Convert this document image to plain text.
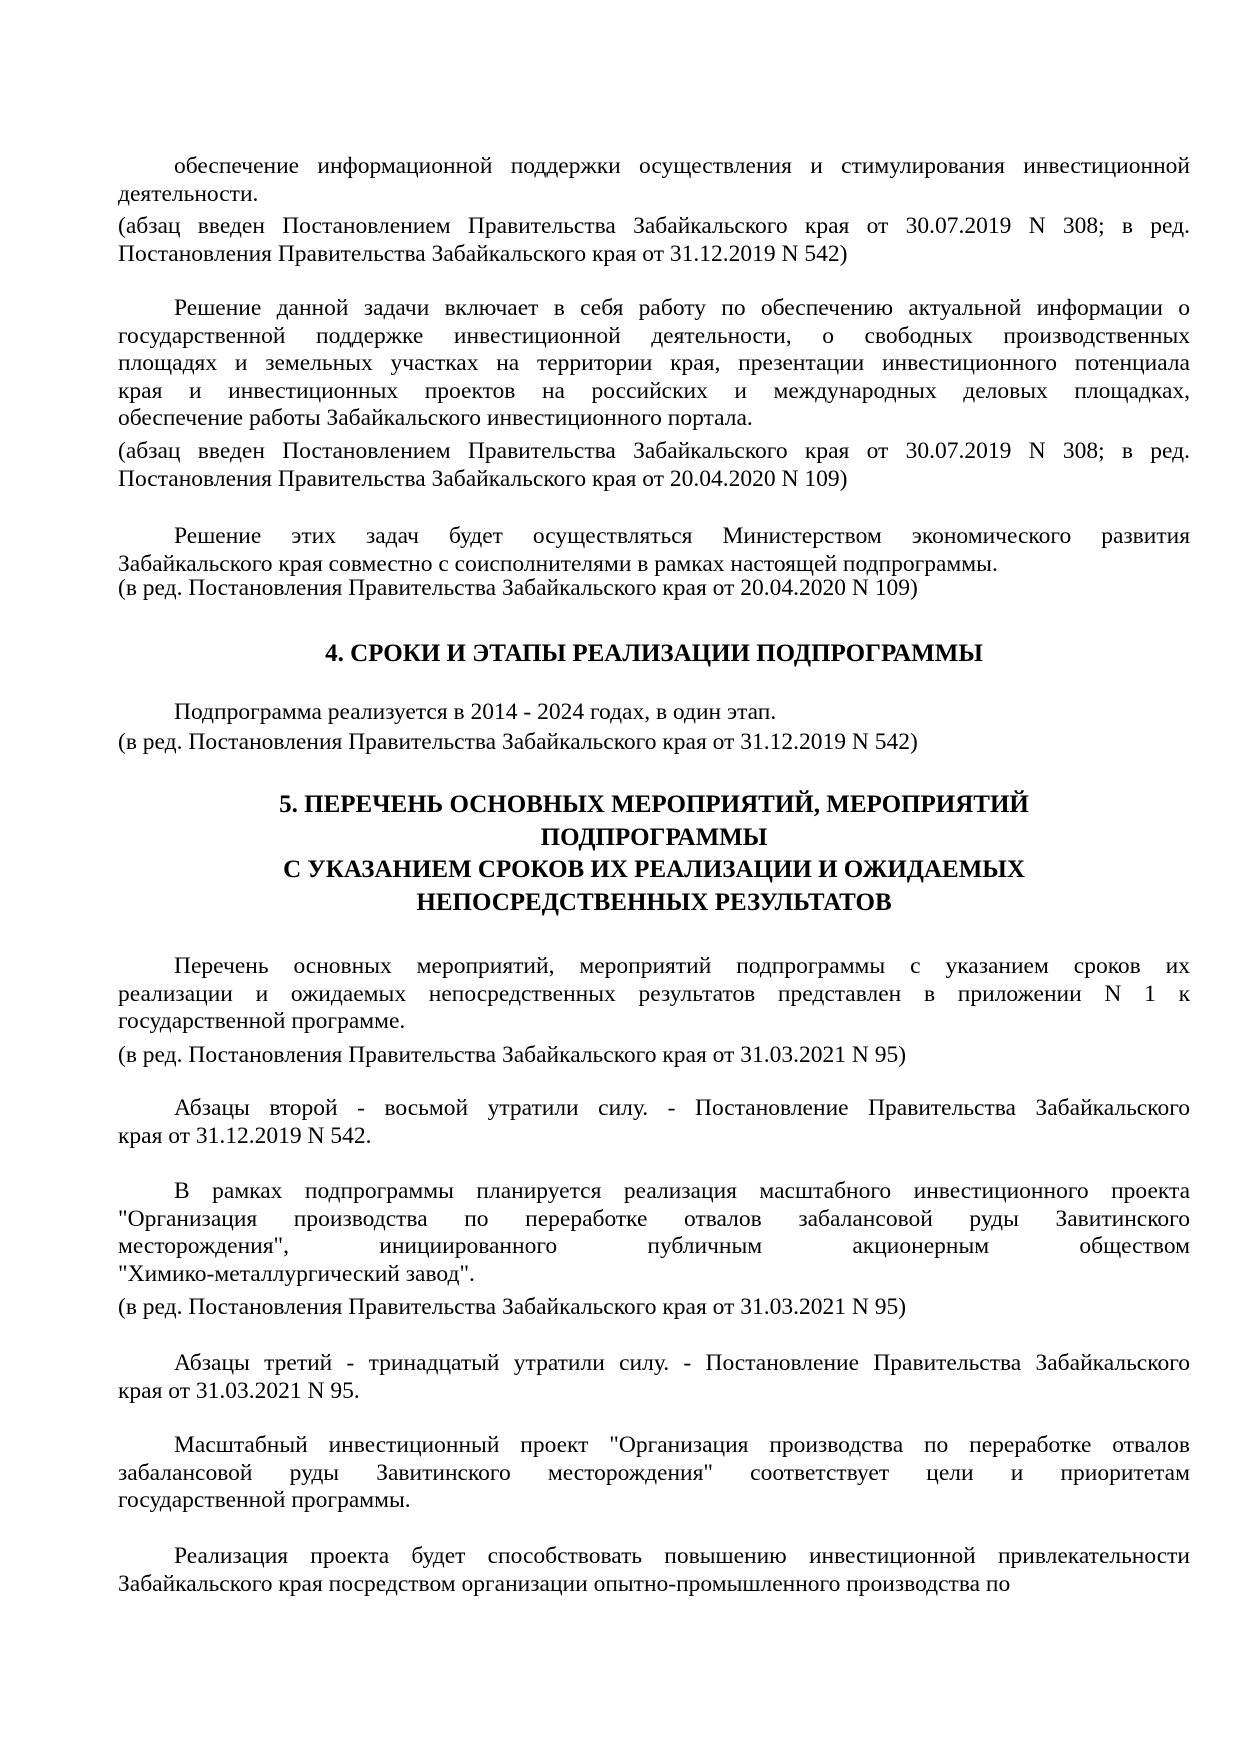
обеспечение информационной поддержки осуществления и стимулирования инвестиционной
деятельности.
(абзац введен Постановлением Правительства Забайкальского края от 30.07.2019 N 308; в ред.
Постановления Правительства Забайкальского края от 31.12.2019 N 542)
Решение данной задачи включает в себя работу по обеспечению актуальной информации о
государственной поддержке инвестиционной деятельности, о свободных производственных
площадях и земельных участках на территории края, презентации инвестиционного потенциала
края и инвестиционных проектов на российских и международных деловых площадках,
обеспечение работы Забайкальского инвестиционного портала.
(абзац введен Постановлением Правительства Забайкальского края от 30.07.2019 N 308; в ред.
Постановления Правительства Забайкальского края от 20.04.2020 N 109)
Решение этих задач будет осуществляться Министерством экономического развития
Забайкальского края совместно с соисполнителями в рамках настоящей подпрограммы.
(в ред. Постановления Правительства Забайкальского края от 20.04.2020 N 109)
4. СРОКИ И ЭТАПЫ РЕАЛИЗАЦИИ ПОДПРОГРАММЫ
Подпрограмма реализуется в 2014 - 2024 годах, в один этап.
(в ред. Постановления Правительства Забайкальского края от 31.12.2019 N 542)
5. ПЕРЕЧЕНЬ ОСНОВНЫХ МЕРОПРИЯТИЙ, МЕРОПРИЯТИЙ
ПОДПРОГРАММЫ
С УКАЗАНИЕМ СРОКОВ ИХ РЕАЛИЗАЦИИ И ОЖИДАЕМЫХ
НЕПОСРЕДСТВЕННЫХ РЕЗУЛЬТАТОВ
Перечень основных мероприятий, мероприятий подпрограммы с указанием сроков их
реализации и ожидаемых непосредственных результатов представлен в приложении N 1 к
государственной программе.
(в ред. Постановления Правительства Забайкальского края от 31.03.2021 N 95)
Абзацы второй - восьмой утратили силу. - Постановление Правительства Забайкальского
края от 31.12.2019 N 542.
В рамках подпрограммы планируется реализация масштабного инвестиционного проекта
"Организация производства по переработке отвалов забалансовой руды Завитинского
месторождения", инициированного публичным акционерным обществом
"Химико-металлургический завод".
(в ред. Постановления Правительства Забайкальского края от 31.03.2021 N 95)
Абзацы третий - тринадцатый утратили силу. - Постановление Правительства Забайкальского
края от 31.03.2021 N 95.
Масштабный инвестиционный проект "Организация производства по переработке отвалов
забалансовой руды Завитинского месторождения" соответствует цели и приоритетам
государственной программы.
Реализация проекта будет способствовать повышению инвестиционной привлекательности
Забайкальского края посредством организации опытно-промышленного производства по
